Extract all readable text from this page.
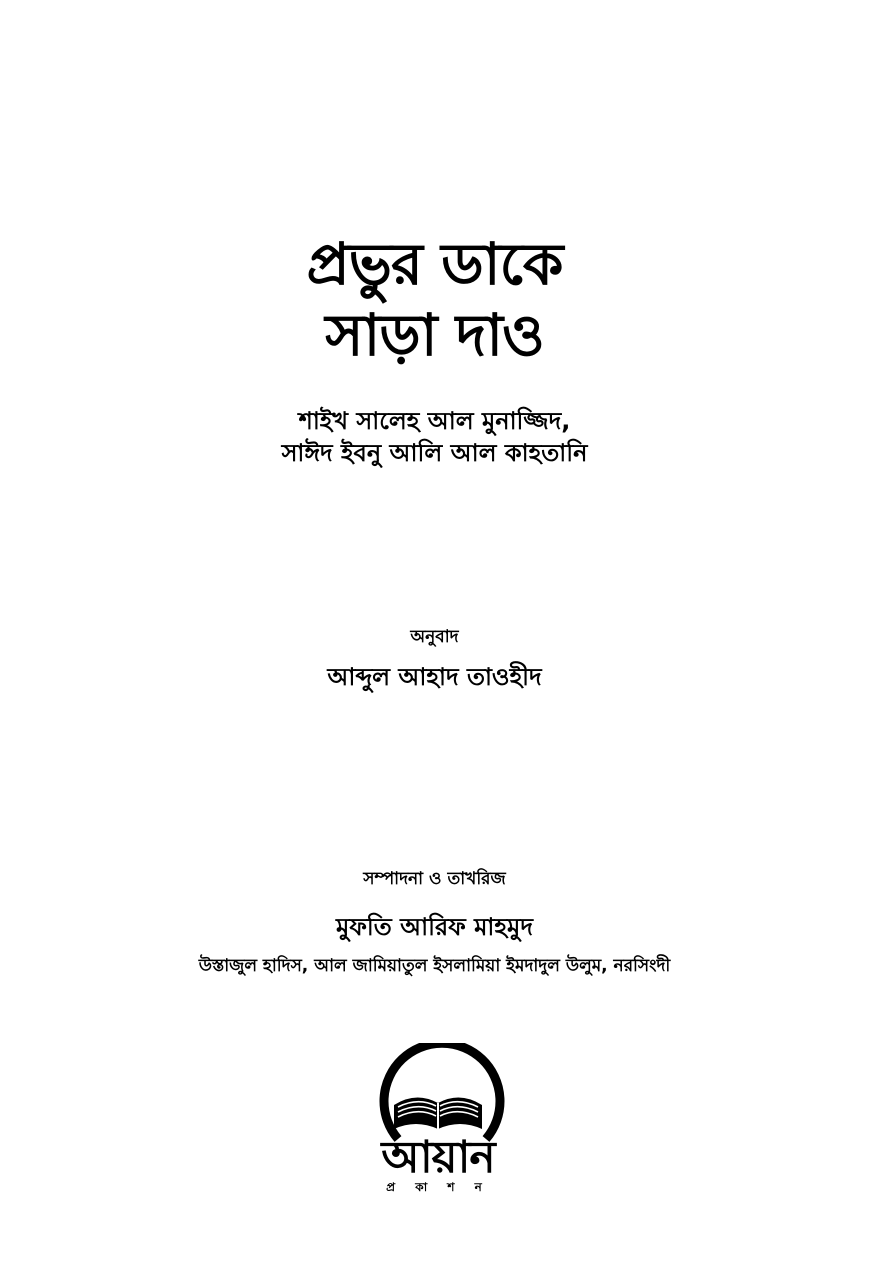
প্রভুর ডাকে
সাড়া দাও
শাইখ সালেহ আল মুনাজ্জিদ,
সাঈদ ইবনু আলি আল কাহতানি
অনুবাদ
আব্দুল আহাদ তাওহীদ
সম্পাদনা ও তাখরিজ
মুফতি আরিফ মাহমুদ
উস্তাজুল হাদিস, আল জামিয়াতুল ইসলামিয়া ইমদাদুল উলুম, নরসিংদী
আয়ান
প্র কা শ ন
